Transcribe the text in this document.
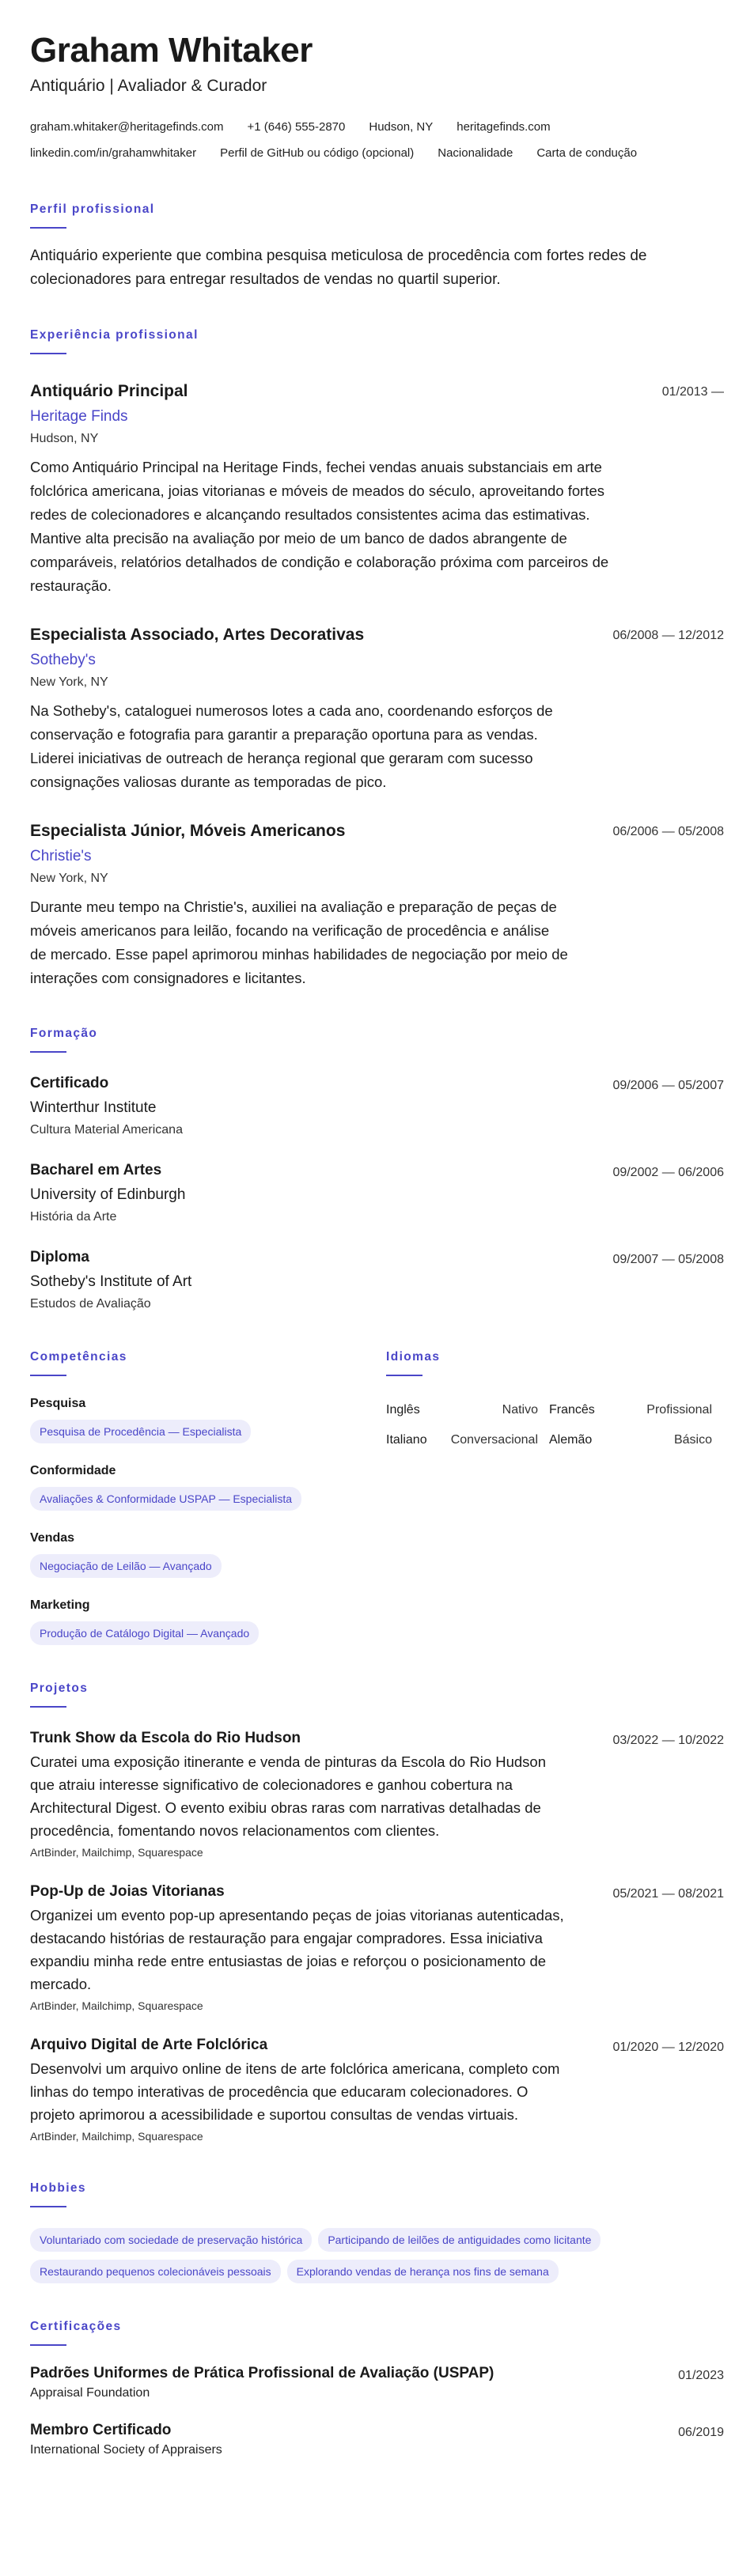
Graham Whitaker
Antiquário | Avaliador & Curador
graham.whitaker@heritagefinds.com +1 (646) 555-2870 Hudson, NY heritagefinds.com
linkedin.com/in/grahamwhitaker Perfil de GitHub ou código (opcional) Nacionalidade Carta de condução
Perfil profissional
Antiquário experiente que combina pesquisa meticulosa de procedência com fortes redes de colecionadores para entregar resultados de vendas no quartil superior.
Experiência profissional
Antiquário Principal
Heritage Finds
Hudson, NY
Como Antiquário Principal na Heritage Finds, fechei vendas anuais substanciais em arte folclórica americana, joias vitorianas e móveis de meados do século, aproveitando fortes redes de colecionadores e alcançando resultados consistentes acima das estimativas. Mantive alta precisão na avaliação por meio de um banco de dados abrangente de comparáveis, relatórios detalhados de condição e colaboração próxima com parceiros de restauração.
01/2013 —
Especialista Associado, Artes Decorativas
Sotheby's
New York, NY
Na Sotheby's, cataloguei numerosos lotes a cada ano, coordenando esforços de conservação e fotografia para garantir a preparação oportuna para as vendas. Liderei iniciativas de outreach de herança regional que geraram com sucesso consignações valiosas durante as temporadas de pico.
06/2008 — 12/2012
Especialista Júnior, Móveis Americanos
Christie's
New York, NY
Durante meu tempo na Christie's, auxiliei na avaliação e preparação de peças de móveis americanos para leilão, focando na verificação de procedência e análise de mercado. Esse papel aprimorou minhas habilidades de negociação por meio de interações com consignadores e licitantes.
06/2006 — 05/2008
Formação
Certificado
Winterthur Institute
Cultura Material Americana
09/2006 — 05/2007
Bacharel em Artes
University of Edinburgh
História da Arte
09/2002 — 06/2006
Diploma
Sotheby's Institute of Art
Estudos de Avaliação
09/2007 — 05/2008
Competências
Pesquisa
Pesquisa de Procedência — Especialista
Conformidade
Avaliações & Conformidade USPAP — Especialista
Vendas
Negociação de Leilão — Avançado
Marketing
Produção de Catálogo Digital — Avançado
Idiomas
Inglês	Nativo Francês	Profissional
Italiano Conversacional Alemão	Básico
Projetos
Trunk Show da Escola do Rio Hudson
Curatei uma exposição itinerante e venda de pinturas da Escola do Rio Hudson que atraiu interesse significativo de colecionadores e ganhou cobertura na Architectural Digest. O evento exibiu obras raras com narrativas detalhadas de procedência, fomentando novos relacionamentos com clientes.
ArtBinder, Mailchimp, Squarespace
03/2022 — 10/2022
Pop-Up de Joias Vitorianas
Organizei um evento pop-up apresentando peças de joias vitorianas autenticadas, destacando histórias de restauração para engajar compradores. Essa iniciativa expandiu minha rede entre entusiastas de joias e reforçou o posicionamento de mercado.
ArtBinder, Mailchimp, Squarespace
05/2021 — 08/2021
Arquivo Digital de Arte Folclórica
Desenvolvi um arquivo online de itens de arte folclórica americana, completo com linhas do tempo interativas de procedência que educaram colecionadores. O projeto aprimorou a acessibilidade e suportou consultas de vendas virtuais.
ArtBinder, Mailchimp, Squarespace
01/2020 — 12/2020
Hobbies
Voluntariado com sociedade de preservação histórica Participando de leilões de antiguidades como licitante
Restaurando pequenos colecionáveis pessoais Explorando vendas de herança nos fins de semana
Certificações
Padrões Uniformes de Prática Profissional de Avaliação (USPAP)
Appraisal Foundation
01/2023
Membro Certificado
International Society of Appraisers
06/2019
